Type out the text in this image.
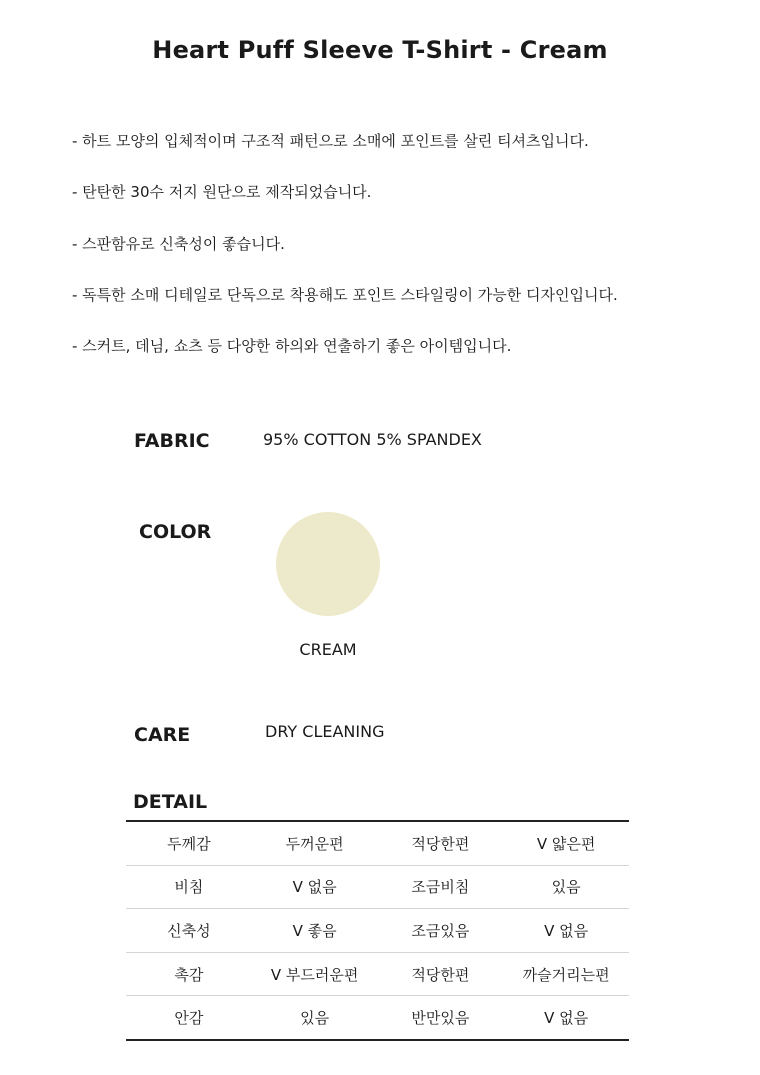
Heart Puff Sleeve T-Shirt - Cream
- 하트 모양의 입체적이며 구조적 패턴으로 소매에 포인트를 살린 티셔츠입니다.
- 탄탄한 30수 저지 원단으로 제작되었습니다.
- 스판함유로 신축성이 좋습니다.
- 독특한 소매 디테일로 단독으로 착용해도 포인트 스타일링이 가능한 디자인입니다.
- 스커트, 데님, 쇼츠 등 다양한 하의와 연출하기 좋은 아이템입니다.
FABRIC	95% COTTON 5% SPANDEX
COLOR
CREAM
CARE	DRY CLEANING
DETAIL
두께감	두꺼운편	적당한편	V 얇은편
비침	V 없음	조금비침	있음
신축성	V 좋음	조금있음	V 없음
촉감	V 부드러운편	적당한편	까슬거리는편
안감	있음	반만있음	V 없음
